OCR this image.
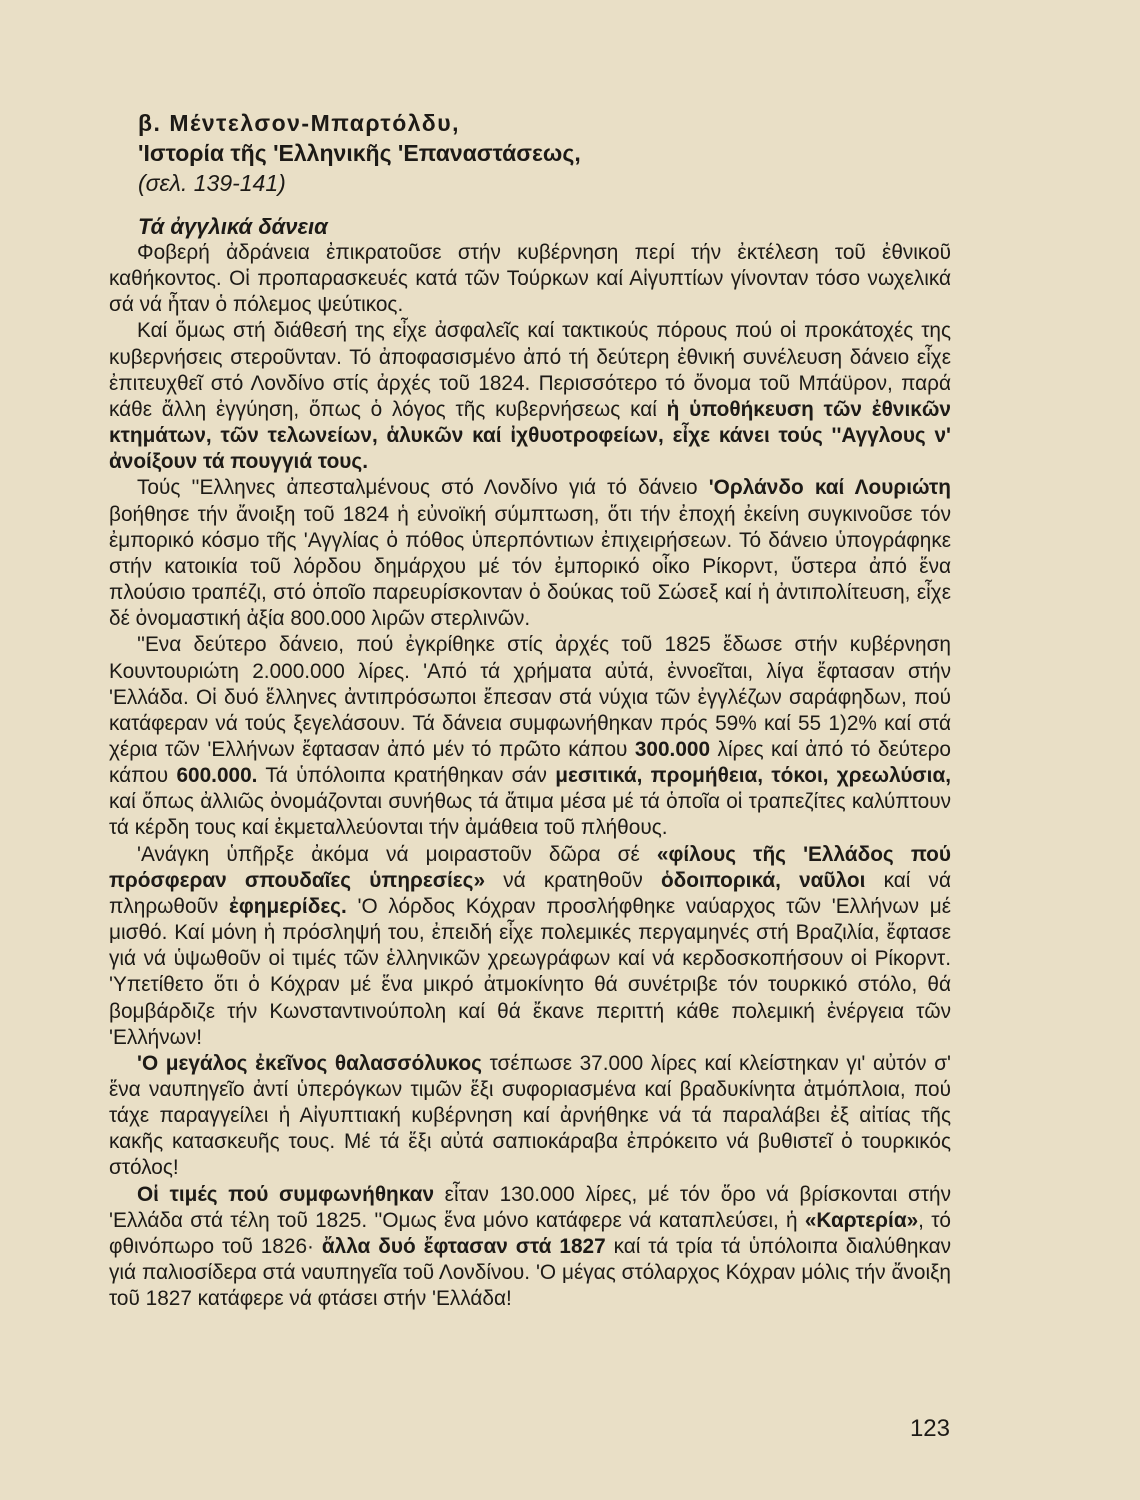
β. Μέντελσον-Μπαρτόλδυ,
'Ιστορία τῆς 'Ελληνικῆς 'Επαναστάσεως,
(σελ. 139-141)
Τά ἀγγλικά δάνεια

Φοβερή ἀδράνεια ἐπικρατοῦσε στήν κυβέρνηση περί τήν ἐκτέλεση τοῦ ἐθνικοῦ καθήκοντος. Οἱ προπαρασκευές κατά τῶν Τούρκων καί Αἰγυπτίων γίνονταν τόσο νωχελικά σά νά ἦταν ὁ πόλεμος ψεύτικος.

Καί ὅμως στή διάθεσή της εἶχε ἀσφαλεῖς καί τακτικούς πόρους πού οἱ προκάτοχές της κυβερνήσεις στεροῦνταν. Τό ἀποφασισμένο ἀπό τή δεύτερη ἐθνική συνέλευση δάνειο εἶχε ἐπιτευχθεῖ στό Λονδίνο στίς ἀρχές τοῦ 1824. Περισσότερο τό ὄνομα τοῦ Μπάϋρον, παρά κάθε ἄλλη ἐγγύηση, ὅπως ὁ λόγος τῆς κυβερνήσεως καί ἡ ὑποθήκευση τῶν ἐθνικῶν κτημάτων, τῶν τελωνείων, ἁλυκῶν καί ἰχθυοτροφείων, εἶχε κάνει τούς ''Αγγλους ν' ἀνοίξουν τά πουγγιά τους.

Τούς ''Ελληνες ἀπεσταλμένους στό Λονδίνο γιά τό δάνειο 'Ορλάνδο καί Λουριώτη βοήθησε τήν ἄνοιξη τοῦ 1824 ἡ εὐνοϊκή σύμπτωση, ὅτι τήν ἐποχή ἐκείνη συγκινοῦσε τόν ἐμπορικό κόσμο τῆς 'Αγγλίας ὁ πόθος ὑπερπόντιων ἐπιχειρήσεων. Τό δάνειο ὑπογράφηκε στήν κατοικία τοῦ λόρδου δημάρχου μέ τόν ἐμπορικό οἶκο Ρίκορντ, ὕστερα ἀπό ἕνα πλούσιο τραπέζι, στό ὁποῖο παρευρίσκονταν ὁ δούκας τοῦ Σώσεξ καί ἡ ἀντιπολίτευση, εἶχε δέ ὀνομαστική ἀξία 800.000 λιρῶν στερλινῶν.

''Ενα δεύτερο δάνειο, πού ἐγκρίθηκε στίς ἀρχές τοῦ 1825 ἔδωσε στήν κυβέρνηση Κουντουριώτη 2.000.000 λίρες. 'Από τά χρήματα αὐτά, ἐννοεῖται, λίγα ἔφτασαν στήν 'Ελλάδα. Οἱ δυό ἕλληνες ἀντιπρόσωποι ἔπεσαν στά νύχια τῶν ἐγγλέζων σαράφηδων, πού κατάφεραν νά τούς ξεγελάσουν. Τά δάνεια συμφωνήθηκαν πρός 59% καί 55 1)2% καί στά χέρια τῶν 'Ελλήνων ἔφτασαν ἀπό μέν τό πρῶτο κάπου 300.000 λίρες καί ἀπό τό δεύτερο κάπου 600.000. Τά ὑπόλοιπα κρατήθηκαν σάν μεσιτικά, προμήθεια, τόκοι, χρεωλύσια, καί ὅπως ἀλλιῶς ὀνομάζονται συνήθως τά ἄτιμα μέσα μέ τά ὁποῖα οἱ τραπεζίτες καλύπτουν τά κέρδη τους καί ἐκμεταλλεύονται τήν ἀμάθεια τοῦ πλήθους.

'Ανάγκη ὑπῆρξε ἀκόμα νά μοιραστοῦν δῶρα σέ «φίλους τῆς 'Ελλάδος πού πρόσφεραν σπουδαῖες ὑπηρεσίες» νά κρατηθοῦν ὁδοιπορικά, ναῦλοι καί νά πληρωθοῦν ἐφημερίδες. 'Ο λόρδος Κόχραν προσλήφθηκε ναύαρχος τῶν 'Ελλήνων μέ μισθό. Καί μόνη ἡ πρόσληψή του, ἐπειδή εἶχε πολεμικές περγαμηνές στή Βραζιλία, ἔφτασε γιά νά ὑψωθοῦν οἱ τιμές τῶν ἑλληνικῶν χρεωγράφων καί νά κερδοσκοπήσουν οἱ Ρίκορντ. 'Υπετίθετο ὅτι ὁ Κόχραν μέ ἕνα μικρό ἀτμοκίνητο θά συνέτριβε τόν τουρκικό στόλο, θά βομβάρδιζε τήν Κωνσταντινούπολη καί θά ἔκανε περιττή κάθε πολεμική ἐνέργεια τῶν 'Ελλήνων!

'Ο μεγάλος ἐκεῖνος θαλασσόλυκος τσέπωσε 37.000 λίρες καί κλείστηκαν γι' αὐτόν σ' ἕνα ναυπηγεῖο ἀντί ὑπερόγκων τιμῶν ἕξι συφοριασμένα καί βραδυκίνητα ἀτμόπλοια, πού τάχε παραγγείλει ἡ Αἰγυπτιακή κυβέρνηση καί ἀρνήθηκε νά τά παραλάβει ἐξ αἰτίας τῆς κακῆς κατασκευῆς τους. Μέ τά ἕξι αὐτά σαπιοκάραβα ἐπρόκειτο νά βυθιστεῖ ὁ τουρκικός στόλος!

Οἱ τιμές πού συμφωνήθηκαν εἶταν 130.000 λίρες, μέ τόν ὅρο νά βρίσκονται στήν 'Ελλάδα στά τέλη τοῦ 1825. ''Ομως ἕνα μόνο κατάφερε νά καταπλεύσει, ἡ «Καρτερία», τό φθινόπωρο τοῦ 1826· ἄλλα δυό ἔφτασαν στά 1827 καί τά τρία τά ὑπόλοιπα διαλύθηκαν γιά παλιοσίδερα στά ναυπηγεῖα τοῦ Λονδίνου. 'Ο μέγας στόλαρχος Κόχραν μόλις τήν ἄνοιξη τοῦ 1827 κατάφερε νά φτάσει στήν 'Ελλάδα!

123
